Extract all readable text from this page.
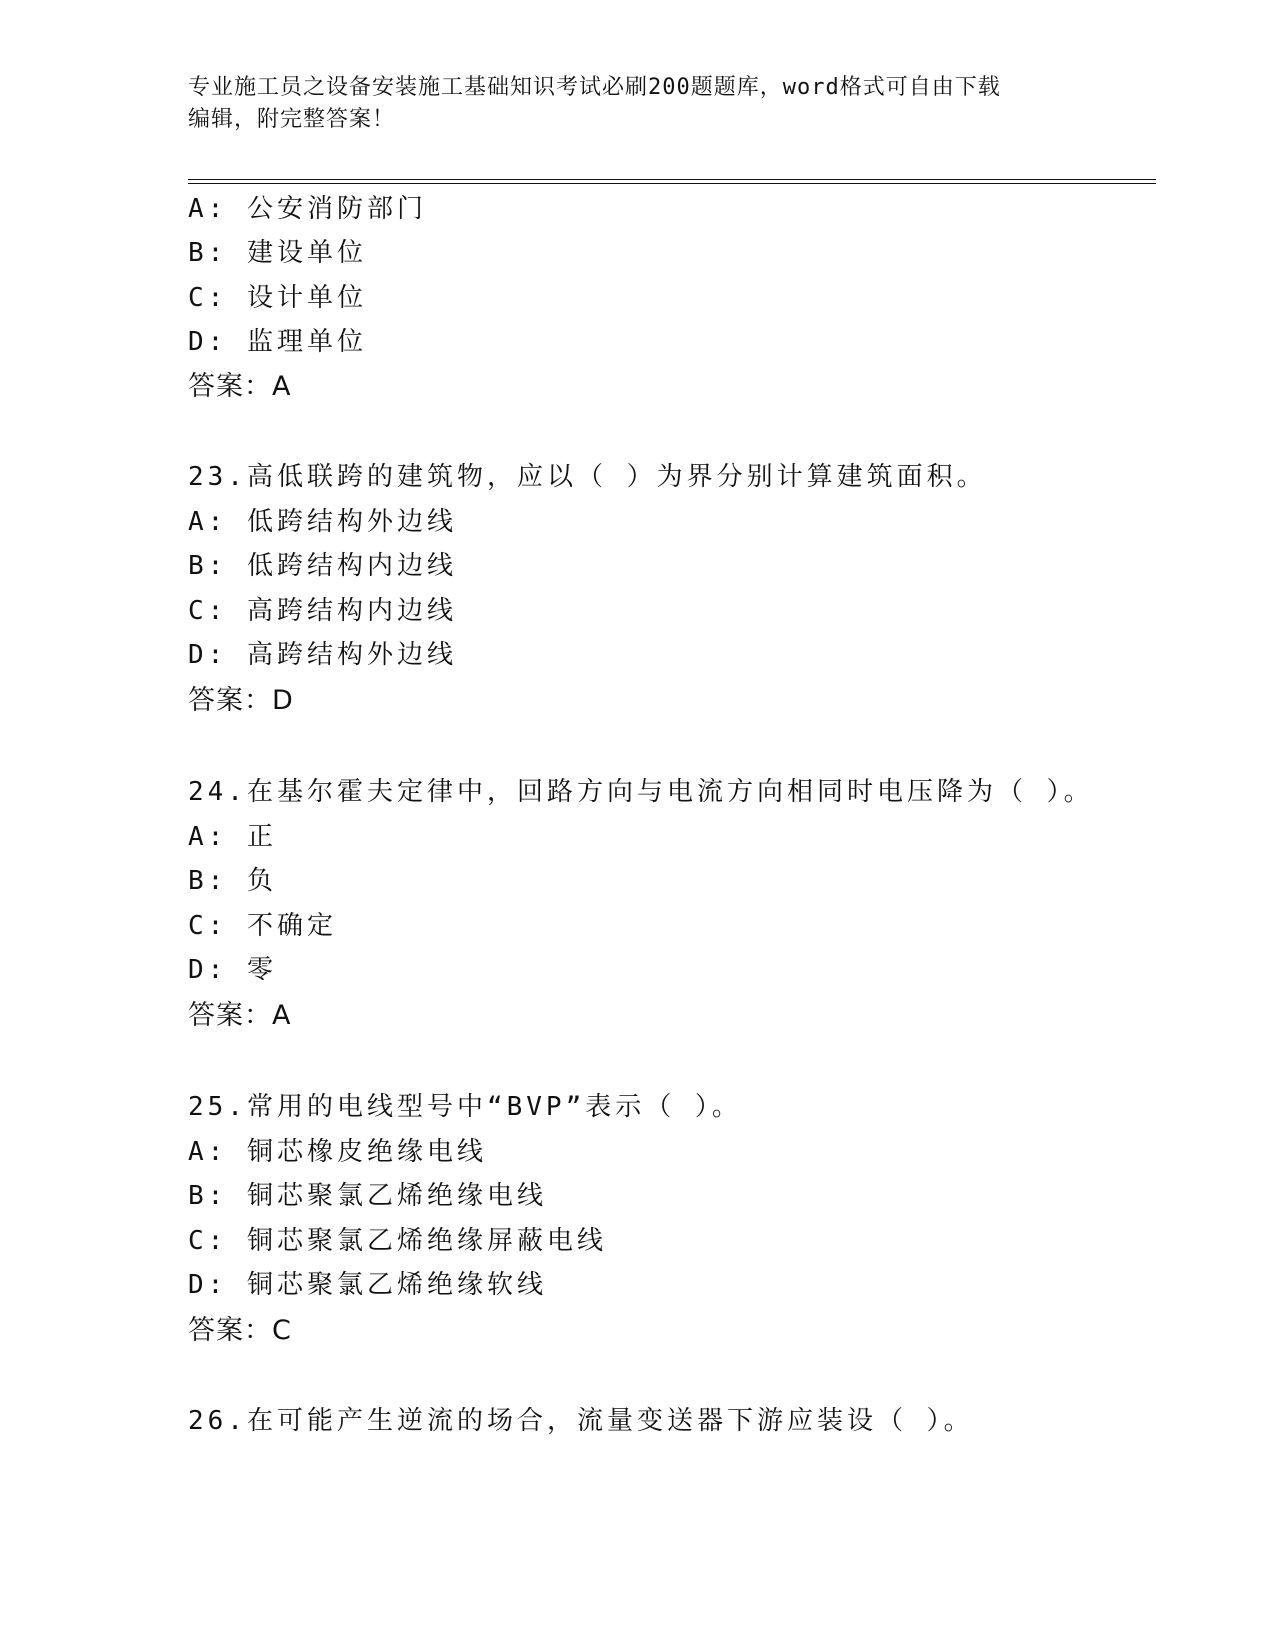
专业施工员之设备安装施工基础知识考试必刷200题题库，word格式可自由下载
编辑，附完整答案！
A: 公安消防部门
B: 建设单位
C: 设计单位
D: 监理单位
答案：A
23.高低联跨的建筑物，应以（ ）为界分别计算建筑面积。
A: 低跨结构外边线
B: 低跨结构内边线
C: 高跨结构内边线
D: 高跨结构外边线
答案：D
24.在基尔霍夫定律中，回路方向与电流方向相同时电压降为（ ）。
A: 正
B: 负
C: 不确定
D: 零
答案：A
25.常用的电线型号中“BVP”表示（ ）。
A: 铜芯橡皮绝缘电线
B: 铜芯聚氯乙烯绝缘电线
C: 铜芯聚氯乙烯绝缘屏蔽电线
D: 铜芯聚氯乙烯绝缘软线
答案：C
26.在可能产生逆流的场合，流量变送器下游应装设（ ）。
